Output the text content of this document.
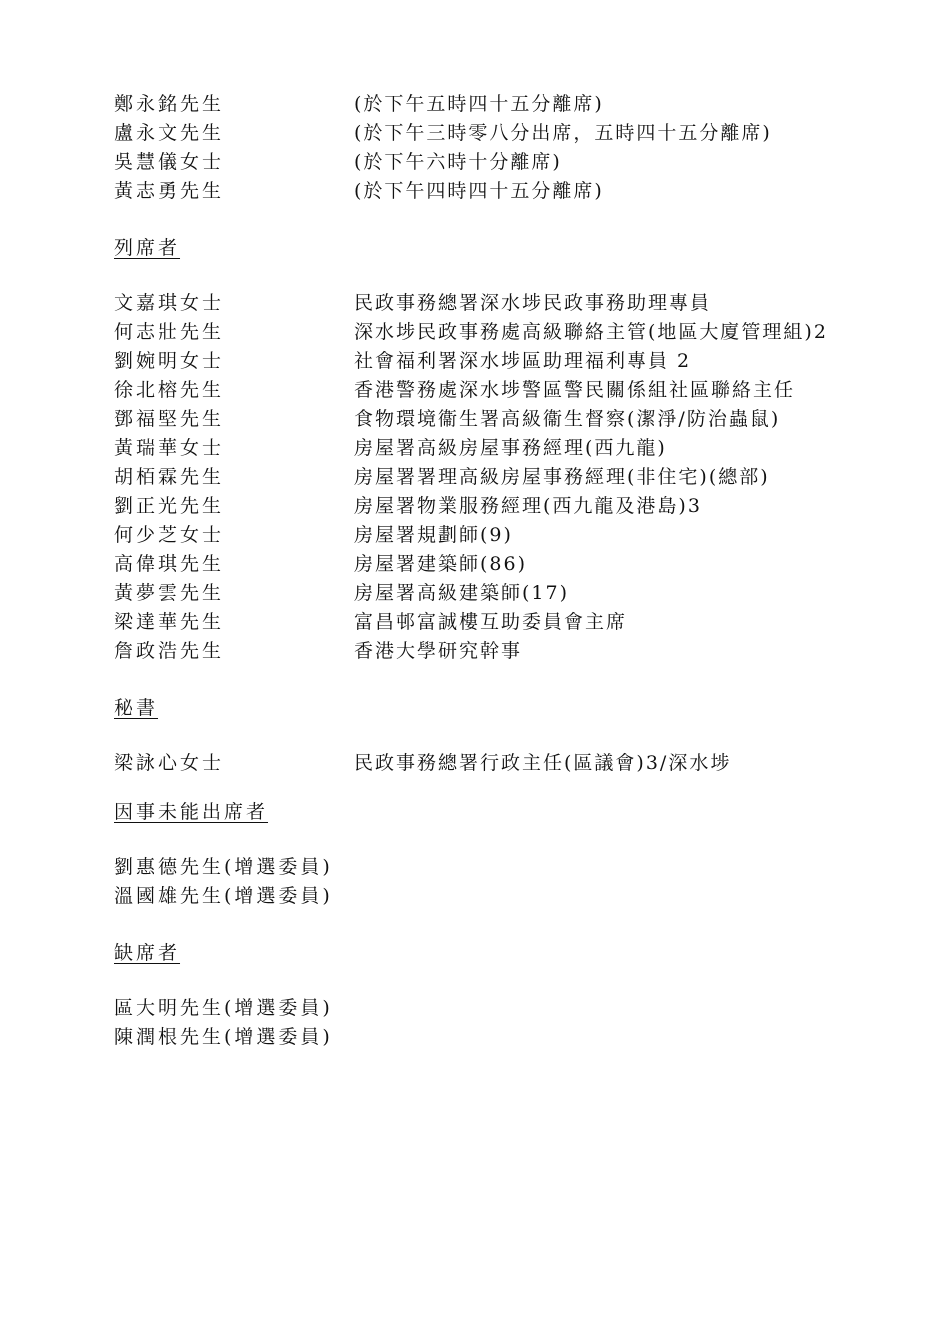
鄭永銘先生	(於下午五時四十五分離席)
盧永文先生	(於下午三時零八分出席，五時四十五分離席)
吳慧儀女士	(於下午六時十分離席)
黃志勇先生	(於下午四時四十五分離席)
列席者
文嘉琪女士	民政事務總署深水埗民政事務助理專員
何志壯先生	深水埗民政事務處高級聯絡主管(地區大廈管理組)2
劉婉明女士	社會福利署深水埗區助理福利專員 2
徐北榕先生	香港警務處深水埗警區警民關係組社區聯絡主任
鄧福堅先生	食物環境衞生署高級衞生督察(潔淨/防治蟲鼠)
黃瑞華女士	房屋署高級房屋事務經理(西九龍)
胡栢霖先生	房屋署署理高級房屋事務經理(非住宅)(總部)
劉正光先生	房屋署物業服務經理(西九龍及港島)3
何少芝女士	房屋署規劃師(9)
高偉琪先生	房屋署建築師(86)
黃夢雲先生	房屋署高級建築師(17)
梁達華先生	富昌邨富誠樓互助委員會主席
詹政浩先生	香港大學研究幹事
秘書
梁詠心女士	民政事務總署行政主任(區議會)3/深水埗
因事未能出席者
劉惠德先生(增選委員)
溫國雄先生(增選委員)
缺席者
區大明先生(增選委員)
陳潤根先生(增選委員)
